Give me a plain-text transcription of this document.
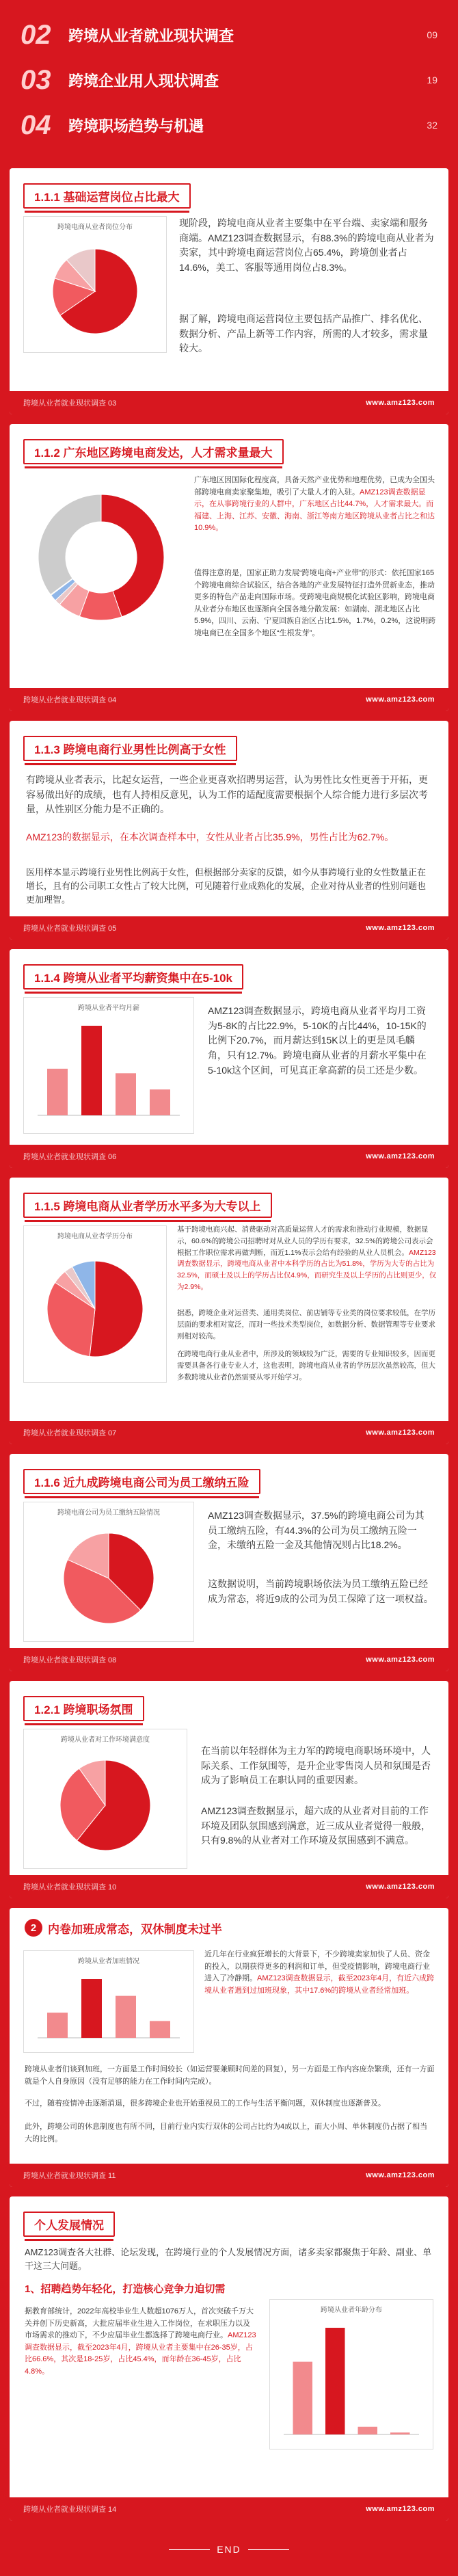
02	跨境从业者就业现状调查	09
03	跨境企业用人现状调查	19
04	跨境职场趋势与机遇	32
1.1.1 基础运营岗位占比最大
跨境电商从业者岗位分布	现阶段，跨境电商从业者主要集中在平台端、卖家端和服务商端。AMZ123调查数据显示，有88.3%的跨境电商从业者为卖家，其中跨境电商运营岗位占65.4%，跨境创业者占14.6%，美工、客服等通用岗位占8.3%。
据了解，跨境电商运营岗位主要包括产品推广、排名优化、数据分析、产品上新等工作内容，所需的人才较多，需求量较大。
跨境从业者就业现状调查 03	www.amz123.com
1.1.2 广东地区跨境电商发达，人才需求量最大
广东地区因国际化程度高，具备天然产业优势和地理优势，已成为全国头部跨境电商卖家聚集地，吸引了大量人才的入驻。AMZ123调查数据显示，在从事跨境行业的人群中，广东地区占比44.7%，人才需求最大。而福建、上海、江苏、安徽、海南、浙江等南方地区跨境从业者占比之和达10.9%。
值得注意的是，国家正助力发展“跨境电商+产业带”的形式：依托国家165个跨境电商综合试验区，结合各地的产业发展特征打造外贸新业态，推动更多的特色产品走向国际市场。受跨境电商规模化试验区影响，跨境电商从业者分布地区也逐渐向全国各地分散发展：如湖南、湖北地区占比5.9%，四川、云南、宁夏回族自治区占比1.5%，1.7%，0.2%，这说明跨境电商已在全国多个地区“生根发芽”。
跨境从业者就业现状调查 04	www.amz123.com
1.1.3 跨境电商行业男性比例高于女性
有跨境从业者表示，比起女运营，一些企业更喜欢招聘男运营，认为男性比女性更善于开拓，更容易做出好的成绩，也有人持相反意见，认为工作的适配度需要根据个人综合能力进行多层次考量，从性别区分能力是不正确的。
AMZ123的数据显示，在本次调查样本中，女性从业者占比35.9%，男性占比为62.7%。
医用样本显示跨境行业男性比例高于女性，但根据部分卖家的反馈，如今从事跨境行业的女性数量正在增长，且有的公司职工女性占了较大比例，可见随着行业成熟化的发展，企业对待从业者的性别问题也更加理智。
跨境从业者就业现状调查 05	www.amz123.com
1.1.4 跨境从业者平均薪资集中在5-10k
跨境从业者平均月薪	AMZ123调查数据显示，跨境电商从业者平均月工资为5-8K的占比22.9%，5-10K的占比44%，10-15K的比例下20.7%，而月薪达到15K以上的更是凤毛麟角，只有12.7%。跨境电商从业者的月薪水平集中在5-10k这个区间，可见真正拿高薪的员工还是少数。
跨境从业者就业现状调查 06	www.amz123.com
1.1.5 跨境电商从业者学历水平多为大专以上
跨境电商从业者学历分布
基于跨境电商兴起、消费驱动对高质量运营人才的需求和推动行业规模，数据显示，60.6%的跨境公司招聘时对从业人员的学历有要求，32.5%的跨境公司表示会根据工作职位需求再做判断，而近1.1%表示会给有经验的从业人员机会。AMZ123调查数据显示，跨境电商从业者中本科学历的占比为51.8%，学历为大专的占比为32.5%，而硕士及以上的学历占比仅4.9%，而研究生及以上学历的占比则更少，仅为2.9%。
据悉，跨境企业对运营类、通用类岗位、前店铺等专业类的岗位要求较低，在学历层面的要求相对宽泛，而对一些技术类型岗位，如数据分析、数据管理等专业要求则相对较高。
在跨境电商行业从业者中，所涉及的领域较为广泛，需要的专业知识较多，因而更需要具备各行业专业人才，这也表明，跨境电商从业者的学历层次虽然较高，但大多数跨境从业者仍然需要从零开始学习。
跨境从业者就业现状调查 07	www.amz123.com
1.1.6 近九成跨境电商公司为员工缴纳五险
跨境电商公司为员工缴纳五险情况	AMZ123调查数据显示，37.5%的跨境电商公司为其员工缴纳五险，有44.3%的公司为员工缴纳五险一金，未缴纳五险一金及其他情况则占比18.2%。
这数据说明，当前跨境职场依法为员工缴纳五险已经成为常态，将近9成的公司为员工保障了这一项权益。
跨境从业者就业现状调查 08	www.amz123.com
1.2.1 跨境职场氛围
跨境从业者对工作环境满意度
在当前以年轻群体为主力军的跨境电商职场环境中，人际关系、工作氛围等，是升企业零售岗人员和氛围是否成为了影响员工在职认同的重要因素。
AMZ123调查数据显示，超六成的从业者对目前的工作环境及团队氛围感到满意，近三成从业者觉得一般般，只有9.8%的从业者对工作环境及氛围感到不满意。
跨境从业者就业现状调查 10	www.amz123.com
2 内卷加班成常态，双休制度未过半
跨境从业者加班情况
近几年在行业疯狂增长的大背景下，不少跨境卖家加快了人员、资金的投入，以期获得更多的利润和订单，但受疫情影响，跨境电商行业进入了冷静期。AMZ123调查数据显示，截至2023年4月，有近六成跨境从业者遇到过加班现象，其中17.6%的跨境从业者经常加班。
跨境从业者们谈到加班，一方面是工作时间较长（如运营要兼顾时间差的回复），另一方面是工作内容庞杂繁琐，还有一方面就是个人自身原因（没有足够的能力在工作时间内完成）。
不过，随着疫情冲击逐渐消退，很多跨境企业也开始重视员工的工作与生活平衡问题，双休制度也逐渐普及。
此外，跨境公司的休息制度也有所不同，目前行业内实行双休的公司占比约为4成以上，而大小周、单休制度仍占据了相当大的比例。
跨境从业者就业现状调查 11	www.amz123.com
个人发展情况
AMZ123调查各大社群、论坛发现，在跨境行业的个人发展情况方面，诸多卖家都聚焦于年龄、副业、单干这三大问题。
1、招聘趋势年轻化，打造核心竞争力迫切需
据教育部统计，2022年高校毕业生人数超1076万人，首次突破千万大关并创下历史新高，大批应届毕业生进入工作岗位，在求职压力以及市场需求的推动下，不少应届毕业生都选择了跨境电商行业。AMZ123调查数据显示，截至2023年4月，跨境从业者主要集中在26-35岁，占比66.6%，其次是18-25岁，占比45.4%，而年龄在36-45岁，占比4.8%。
跨境从业者年龄分布
跨境从业者就业现状调查 14	www.amz123.com
END
